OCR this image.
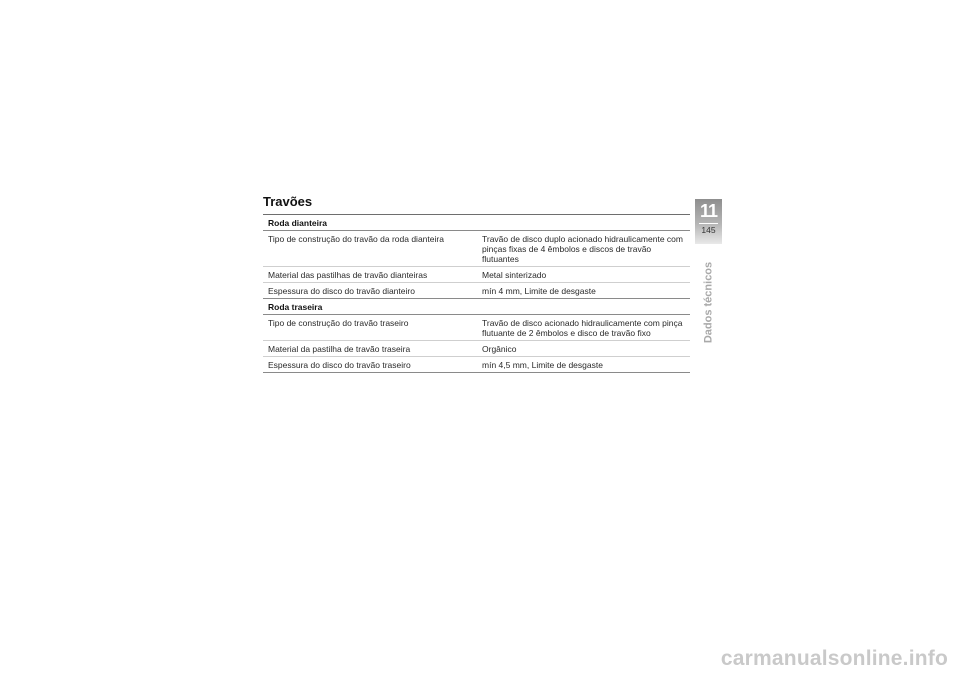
Travões
Roda dianteira
Tipo de construção do travão da roda dianteira	Travão de disco duplo acionado hidraulicamente com pinças fixas de 4 êmbolos e discos de travão flutuantes
Material das pastilhas de travão dianteiras	Metal sinterizado
Espessura do disco do travão dianteiro	mín 4 mm, Limite de desgaste
Roda traseira
Tipo de construção do travão traseiro	Travão de disco acionado hidraulicamente com pinça flutuante de 2 êmbolos e disco de travão fixo
Material da pastilha de travão traseira	Orgânico
Espessura do disco do travão traseiro	mín 4,5 mm, Limite de desgaste
11
145
Dados técnicos
carmanualsonline.info
